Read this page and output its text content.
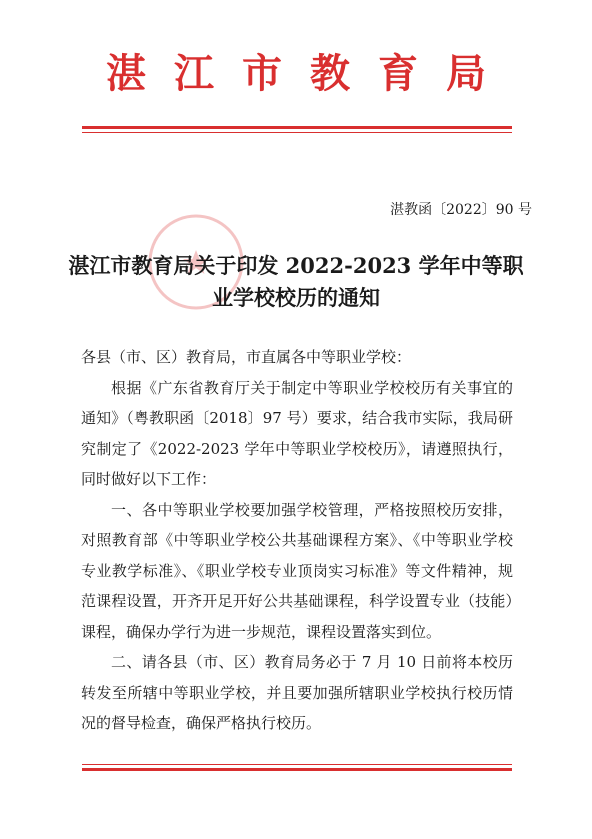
湛江市教育局
湛教函〔2022〕90 号
湛江市教育局关于印发 2022-2023 学年中等职
业学校校历的通知

各县（市、区）教育局，市直属各中等职业学校：

根据《广东省教育厅关于制定中等职业学校校历有关事宜的通知》（粤教职函〔2018〕97 号）要求，结合我市实际，我局研究制定了《2022-2023 学年中等职业学校校历》，请遵照执行，同时做好以下工作：

一、各中等职业学校要加强学校管理，严格按照校历安排，对照教育部《中等职业学校公共基础课程方案》、《中等职业学校专业教学标准》、《职业学校专业顶岗实习标准》等文件精神，规范课程设置，开齐开足开好公共基础课程，科学设置专业（技能）课程，确保办学行为进一步规范，课程设置落实到位。

二、请各县（市、区）教育局务必于 7 月 10 日前将本校历转发至所辖中等职业学校，并且要加强所辖职业学校执行校历情况的督导检查，确保严格执行校历。
